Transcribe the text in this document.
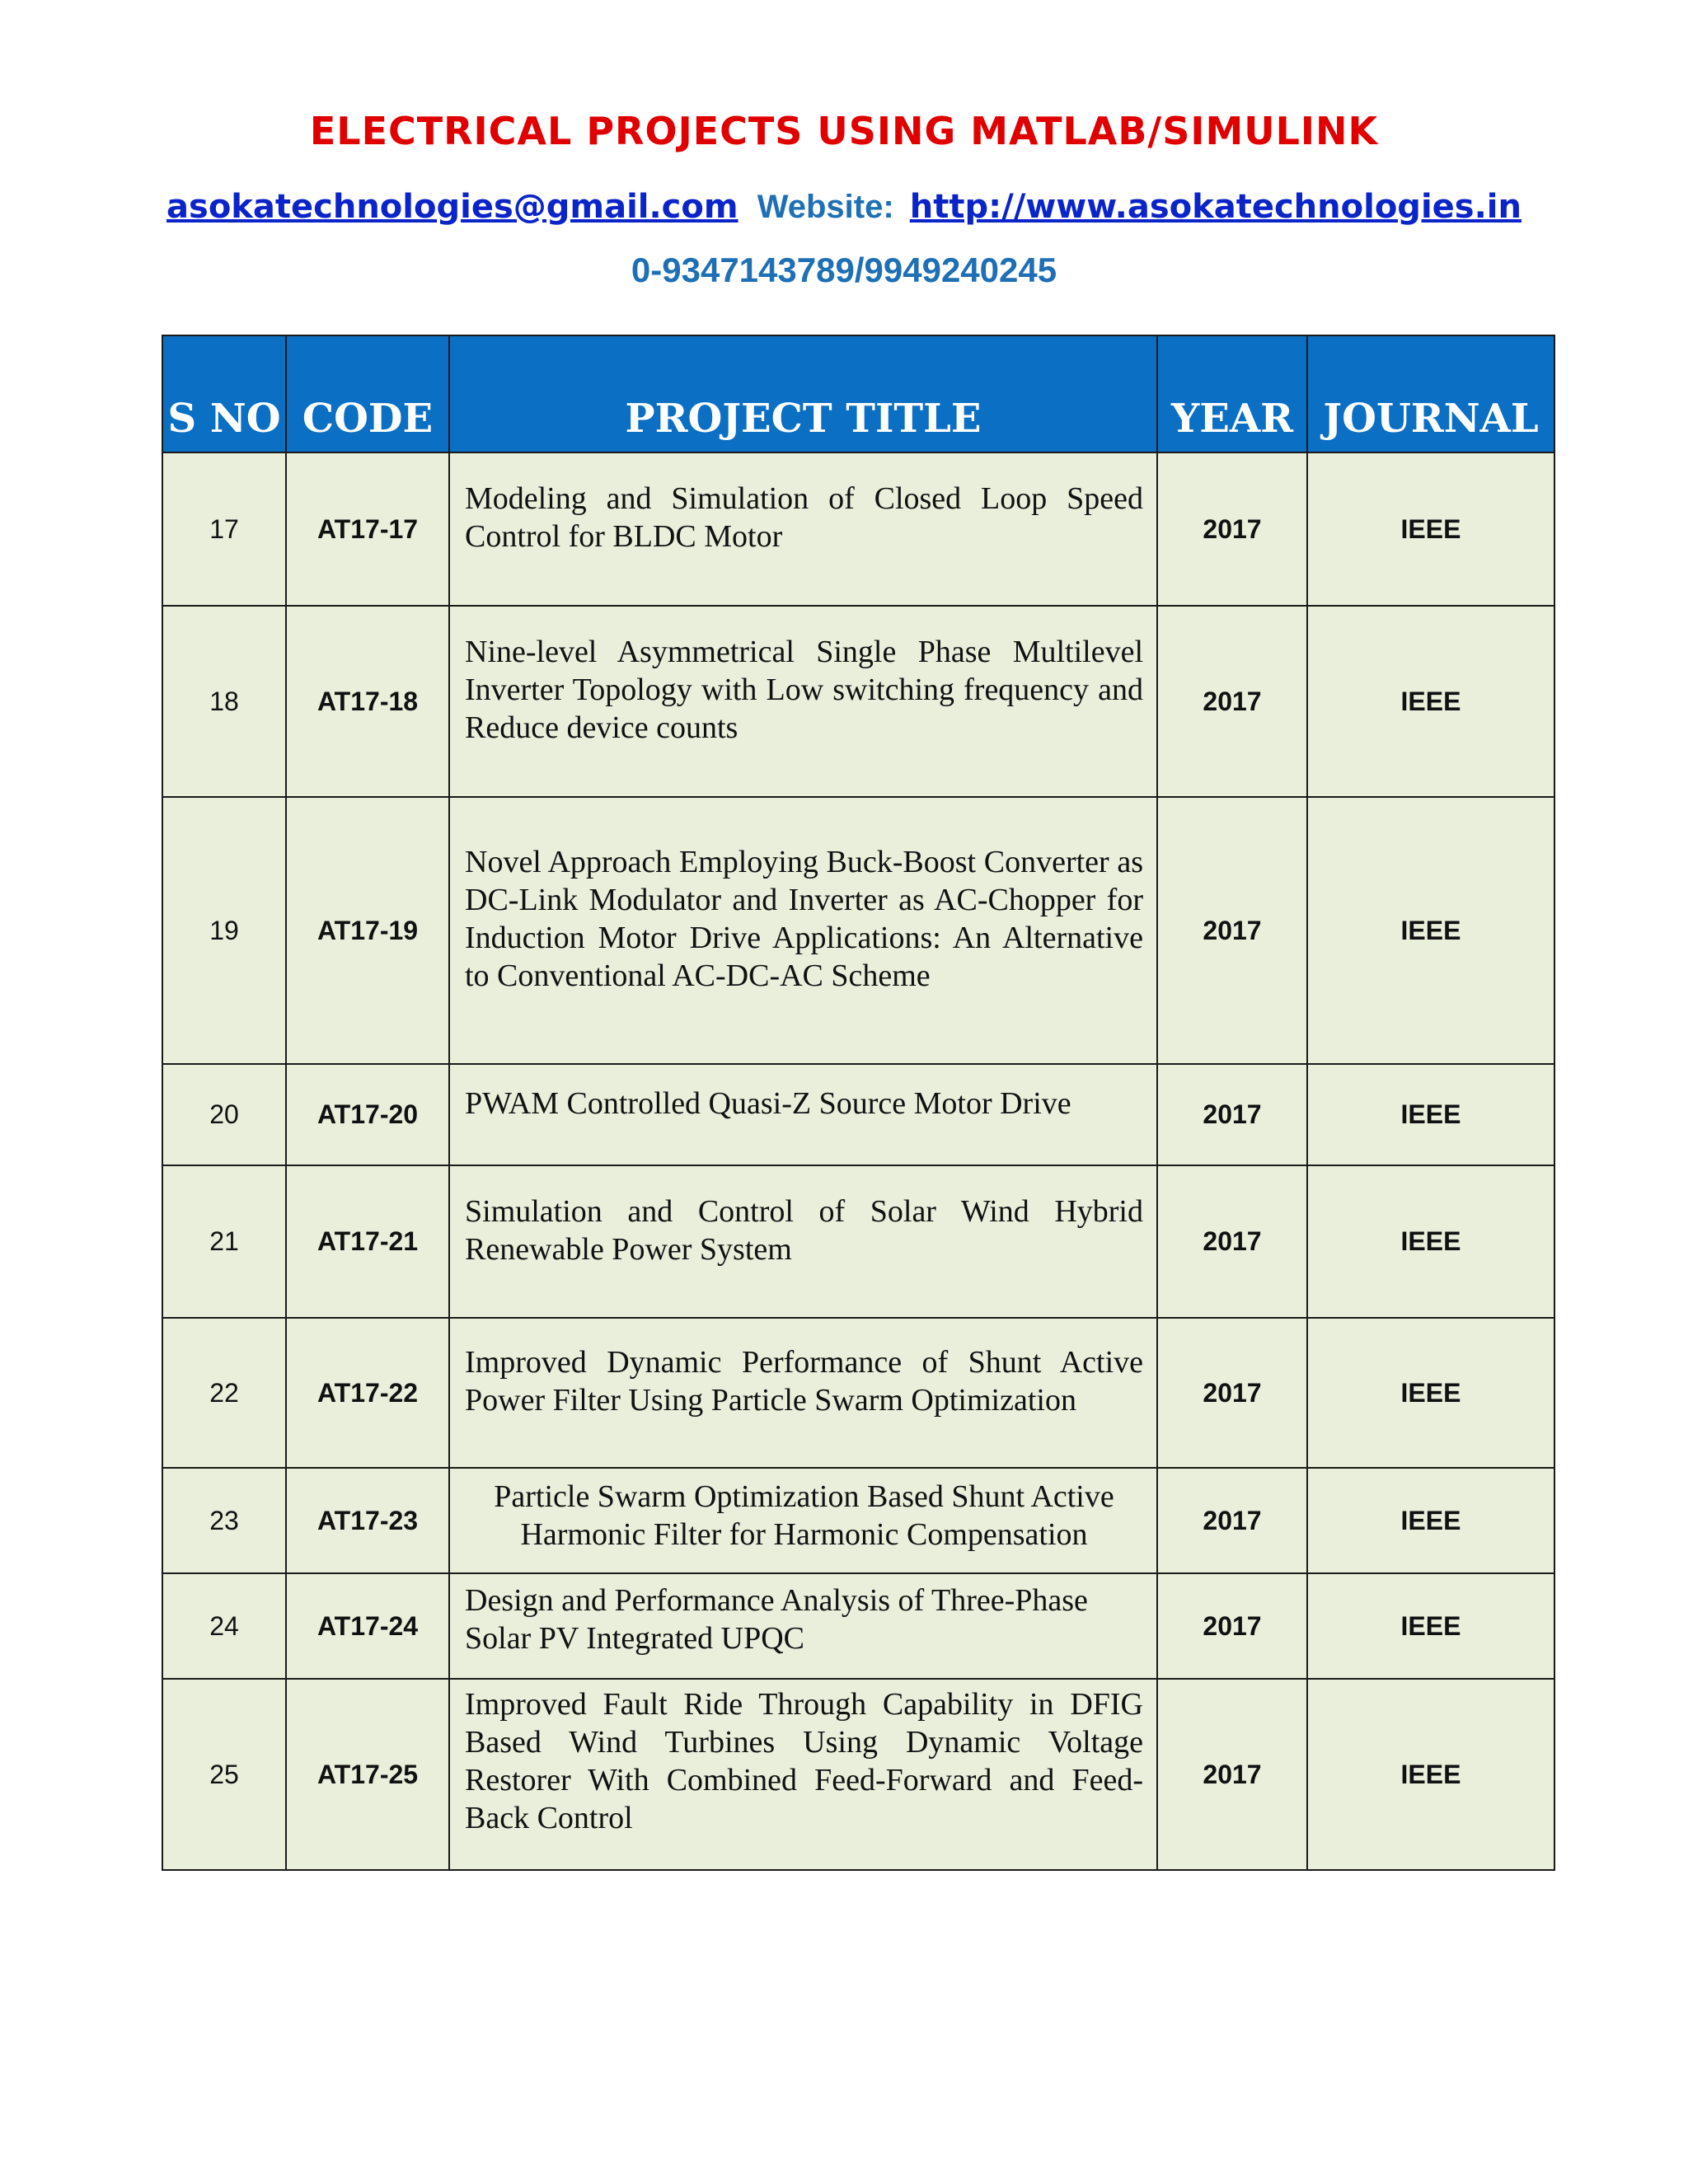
ELECTRICAL PROJECTS USING MATLAB/SIMULINK
asokatechnologies@gmail.com Website: http://www.asokatechnologies.in
0-9347143789/9949240245
S NO	CODE	PROJECT TITLE	YEAR	JOURNAL
17	AT17-17	Modeling and Simulation of Closed Loop Speed Control for BLDC Motor	2017	IEEE
18	AT17-18	Nine-level Asymmetrical Single Phase Multilevel Inverter Topology with Low switching frequency and Reduce device counts	2017	IEEE
19	AT17-19	Novel Approach Employing Buck-Boost Converter as DC-Link Modulator and Inverter as AC-Chopper for Induction Motor Drive Applications: An Alternative to Conventional AC-DC-AC Scheme	2017	IEEE
20	AT17-20	PWAM Controlled Quasi-Z Source Motor Drive	2017	IEEE
21	AT17-21	Simulation and Control of Solar Wind Hybrid Renewable Power System	2017	IEEE
22	AT17-22	Improved Dynamic Performance of Shunt Active Power Filter Using Particle Swarm Optimization	2017	IEEE
23	AT17-23	Particle Swarm Optimization Based Shunt Active Harmonic Filter for Harmonic Compensation	2017	IEEE
24	AT17-24	Design and Performance Analysis of Three-Phase Solar PV Integrated UPQC	2017	IEEE
25	AT17-25	Improved Fault Ride Through Capability in DFIG Based Wind Turbines Using Dynamic Voltage Restorer With Combined Feed-Forward and Feed-Back Control	2017	IEEE
